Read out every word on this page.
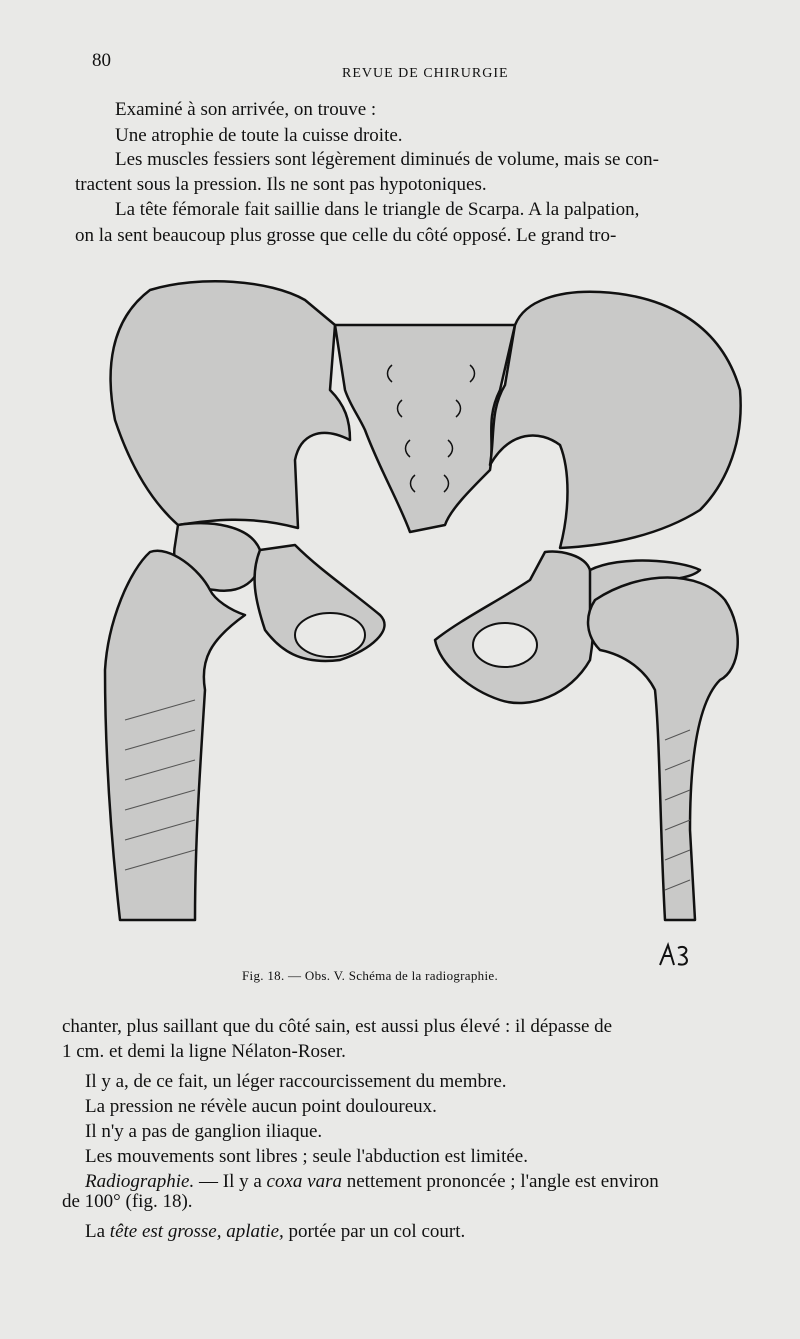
80
REVUE DE CHIRURGIE
Examiné à son arrivée, on trouve :
Une atrophie de toute la cuisse droite.
Les muscles fessiers sont légèrement diminués de volume, mais se con-
tractent sous la pression. Ils ne sont pas hypotoniques.
La tête fémorale fait saillie dans le triangle de Scarpa. A la palpation,
on la sent beaucoup plus grosse que celle du côté opposé. Le grand tro-
Fig. 18. — Obs. V. Schéma de la radiographie.
chanter, plus saillant que du côté sain, est aussi plus élevé : il dépasse de
1 cm. et demi la ligne Nélaton-Roser.
Il y a, de ce fait, un léger raccourcissement du membre.
La pression ne révèle aucun point douloureux.
Il n'y a pas de ganglion iliaque.
Les mouvements sont libres ; seule l'abduction est limitée.
Radiographie. — Il y a coxa vara nettement prononcée ; l'angle est environ
de 100° (fig. 18).
La tête est grosse, aplatie, portée par un col court.
